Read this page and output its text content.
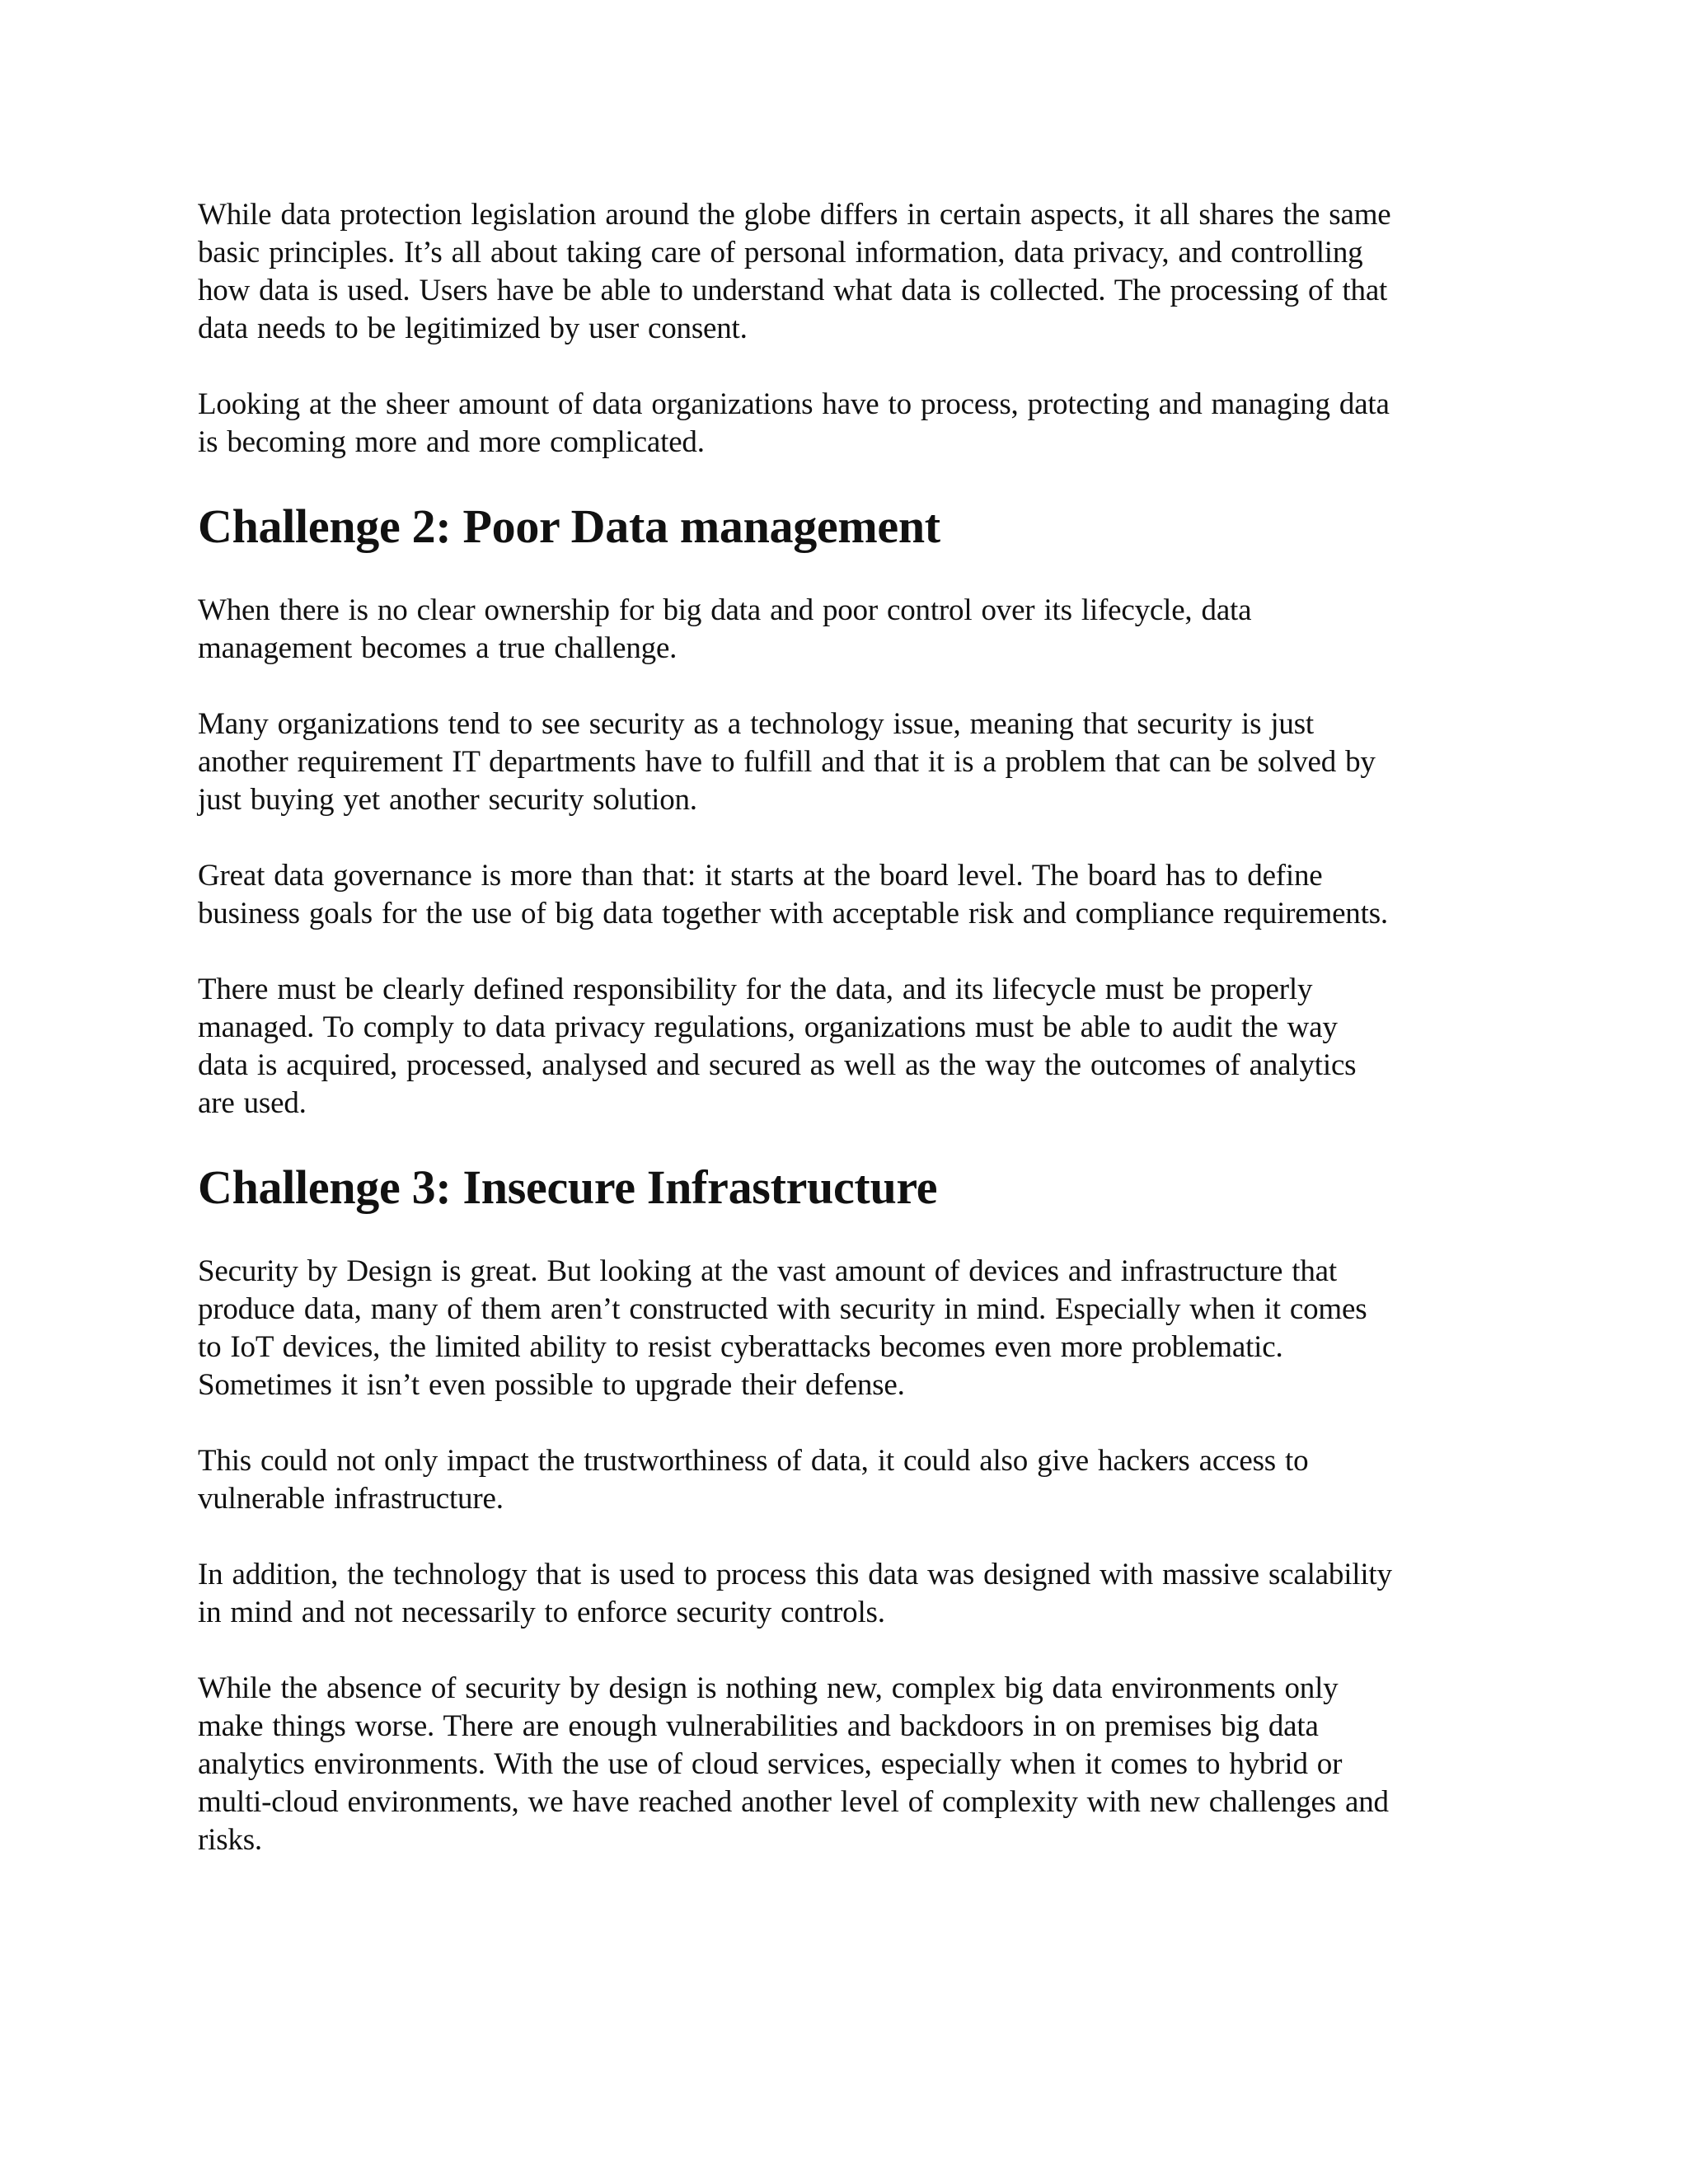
While data protection legislation around the globe differs in certain aspects, it all shares the same
basic principles. It’s all about taking care of personal information, data privacy, and controlling
how data is used. Users have be able to understand what data is collected. The processing of that
data needs to be legitimized by user consent.

Looking at the sheer amount of data organizations have to process, protecting and managing data
is becoming more and more complicated.

Challenge 2: Poor Data management

When there is no clear ownership for big data and poor control over its lifecycle, data
management becomes a true challenge.

Many organizations tend to see security as a technology issue, meaning that security is just
another requirement IT departments have to fulfill and that it is a problem that can be solved by
just buying yet another security solution.

Great data governance is more than that: it starts at the board level. The board has to define
business goals for the use of big data together with acceptable risk and compliance requirements.

There must be clearly defined responsibility for the data, and its lifecycle must be properly
managed. To comply to data privacy regulations, organizations must be able to audit the way
data is acquired, processed, analysed and secured as well as the way the outcomes of analytics
are used.

Challenge 3: Insecure Infrastructure

Security by Design is great. But looking at the vast amount of devices and infrastructure that
produce data, many of them aren’t constructed with security in mind. Especially when it comes
to IoT devices, the limited ability to resist cyberattacks becomes even more problematic.
Sometimes it isn’t even possible to upgrade their defense.

This could not only impact the trustworthiness of data, it could also give hackers access to
vulnerable infrastructure.

In addition, the technology that is used to process this data was designed with massive scalability
in mind and not necessarily to enforce security controls.

While the absence of security by design is nothing new, complex big data environments only
make things worse. There are enough vulnerabilities and backdoors in on premises big data
analytics environments. With the use of cloud services, especially when it comes to hybrid or
multi-cloud environments, we have reached another level of complexity with new challenges and
risks.
